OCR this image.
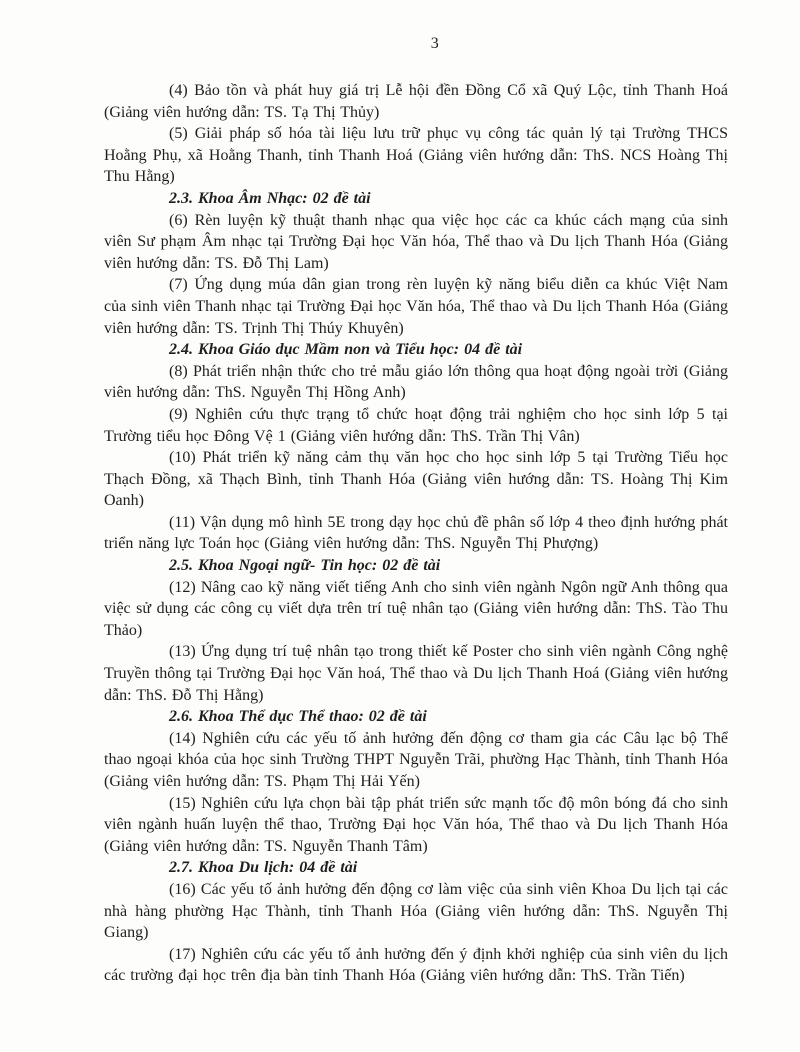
3

(4) Bảo tồn và phát huy giá trị Lễ hội đền Đồng Cổ xã Quý Lộc, tỉnh Thanh Hoá (Giảng viên hướng dẫn: TS. Tạ Thị Thủy)

(5) Giải pháp số hóa tài liệu lưu trữ phục vụ công tác quản lý tại Trường THCS Hoằng Phụ, xã Hoằng Thanh, tỉnh Thanh Hoá (Giảng viên hướng dẫn: ThS. NCS Hoàng Thị Thu Hằng)

2.3. Khoa Âm Nhạc: 02 đề tài

(6) Rèn luyện kỹ thuật thanh nhạc qua việc học các ca khúc cách mạng của sinh viên Sư phạm Âm nhạc tại Trường Đại học Văn hóa, Thể thao và Du lịch Thanh Hóa (Giảng viên hướng dẫn: TS. Đỗ Thị Lam)

(7) Ứng dụng múa dân gian trong rèn luyện kỹ năng biểu diễn ca khúc Việt Nam của sinh viên Thanh nhạc tại Trường Đại học Văn hóa, Thể thao và Du lịch Thanh Hóa (Giảng viên hướng dẫn: TS. Trịnh Thị Thúy Khuyên)

2.4. Khoa Giáo dục Mầm non và Tiểu học: 04 đề tài

(8) Phát triển nhận thức cho trẻ mẫu giáo lớn thông qua hoạt động ngoài trời (Giảng viên hướng dẫn: ThS. Nguyễn Thị Hồng Anh)

(9) Nghiên cứu thực trạng tổ chức hoạt động trải nghiệm cho học sinh lớp 5 tại Trường tiểu học Đông Vệ 1 (Giảng viên hướng dẫn: ThS. Trần Thị Vân)

(10) Phát triển kỹ năng cảm thụ văn học cho học sinh lớp 5 tại Trường Tiểu học Thạch Đồng, xã Thạch Bình, tỉnh Thanh Hóa (Giảng viên hướng dẫn: TS. Hoàng Thị Kim Oanh)

(11) Vận dụng mô hình 5E trong dạy học chủ đề phân số lớp 4 theo định hướng phát triển năng lực Toán học (Giảng viên hướng dẫn: ThS. Nguyễn Thị Phượng)

2.5. Khoa Ngoại ngữ- Tin học: 02 đề tài

(12) Nâng cao kỹ năng viết tiếng Anh cho sinh viên ngành Ngôn ngữ Anh thông qua việc sử dụng các công cụ viết dựa trên trí tuệ nhân tạo (Giảng viên hướng dẫn: ThS. Tào Thu Thảo)

(13) Ứng dụng trí tuệ nhân tạo trong thiết kế Poster cho sinh viên ngành Công nghệ Truyền thông tại Trường Đại học Văn hoá, Thể thao và Du lịch Thanh Hoá (Giảng viên hướng dẫn: ThS. Đỗ Thị Hằng)

2.6. Khoa Thể dục Thể thao: 02 đề tài

(14) Nghiên cứu các yếu tố ảnh hưởng đến động cơ tham gia các Câu lạc bộ Thể thao ngoại khóa của học sinh Trường THPT Nguyễn Trãi, phường Hạc Thành, tỉnh Thanh Hóa (Giảng viên hướng dẫn: TS. Phạm Thị Hải Yến)

(15) Nghiên cứu lựa chọn bài tập phát triển sức mạnh tốc độ môn bóng đá cho sinh viên ngành huấn luyện thể thao, Trường Đại học Văn hóa, Thể thao và Du lịch Thanh Hóa (Giảng viên hướng dẫn: TS. Nguyễn Thanh Tâm)

2.7. Khoa Du lịch: 04 đề tài

(16) Các yếu tố ảnh hưởng đến động cơ làm việc của sinh viên Khoa Du lịch tại các nhà hàng phường Hạc Thành, tỉnh Thanh Hóa (Giảng viên hướng dẫn: ThS. Nguyễn Thị Giang)

(17) Nghiên cứu các yếu tố ảnh hưởng đến ý định khởi nghiệp của sinh viên du lịch các trường đại học trên địa bàn tỉnh Thanh Hóa (Giảng viên hướng dẫn: ThS. Trần Tiến)
